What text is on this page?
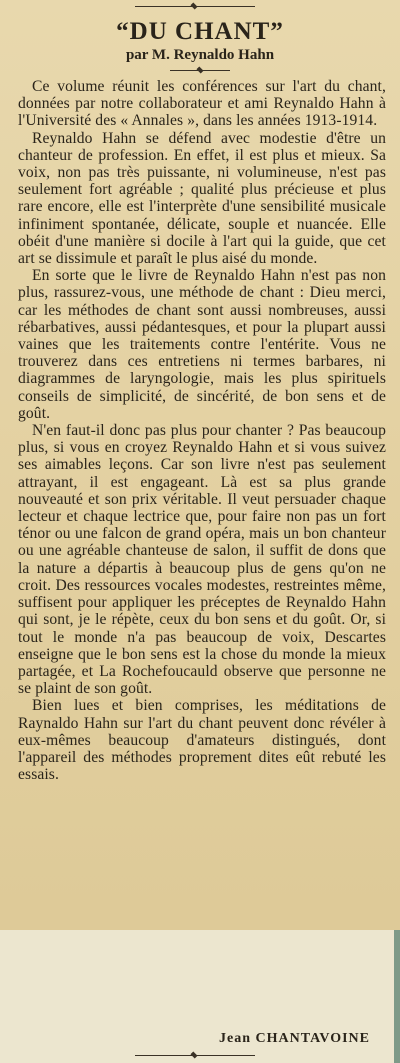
“DU CHANT”
par M. Reynaldo Hahn

Ce volume réunit les conférences sur l'art du chant, données par notre collaborateur et ami Reynaldo Hahn à l'Université des « Annales », dans les années 1913-1914.

Reynaldo Hahn se défend avec modestie d'être un chanteur de profession. En effet, il est plus et mieux. Sa voix, non pas très puissante, ni volumineuse, n'est pas seulement fort agréable ; qualité plus précieuse et plus rare encore, elle est l'interprète d'une sensibilité musicale infiniment spontanée, délicate, souple et nuancée. Elle obéit d'une manière si docile à l'art qui la guide, que cet art se dissimule et paraît le plus aisé du monde.

En sorte que le livre de Reynaldo Hahn n'est pas non plus, rassurez-vous, une méthode de chant : Dieu merci, car les méthodes de chant sont aussi nombreuses, aussi rébarbatives, aussi pédantesques, et pour la plupart aussi vaines que les traitements contre l'entérite. Vous ne trouverez dans ces entretiens ni termes barbares, ni diagrammes de laryngologie, mais les plus spirituels conseils de simplicité, de sincérité, de bon sens et de goût.

N'en faut-il donc pas plus pour chanter ? Pas beaucoup plus, si vous en croyez Reynaldo Hahn et si vous suivez ses aimables leçons. Car son livre n'est pas seulement attrayant, il est engageant. Là est sa plus grande nouveauté et son prix véritable. Il veut persuader chaque lecteur et chaque lectrice que, pour faire non pas un fort ténor ou une falcon de grand opéra, mais un bon chanteur ou une agréable chanteuse de salon, il suffit de dons que la nature a départis à beaucoup plus de gens qu'on ne croit. Des ressources vocales modestes, restreintes même, suffisent pour appliquer les préceptes de Reynaldo Hahn qui sont, je le répète, ceux du bon sens et du goût. Or, si tout le monde n'a pas beaucoup de voix, Descartes enseigne que le bon sens est la chose du monde la mieux partagée, et La Rochefoucauld observe que personne ne se plaint de son goût.

Bien lues et bien comprises, les méditations de Raynaldo Hahn sur l'art du chant peuvent donc révéler à eux-mêmes beaucoup d'amateurs distingués, dont l'appareil des méthodes proprement dites eût rebuté les essais.

Jean CHANTAVOINE
